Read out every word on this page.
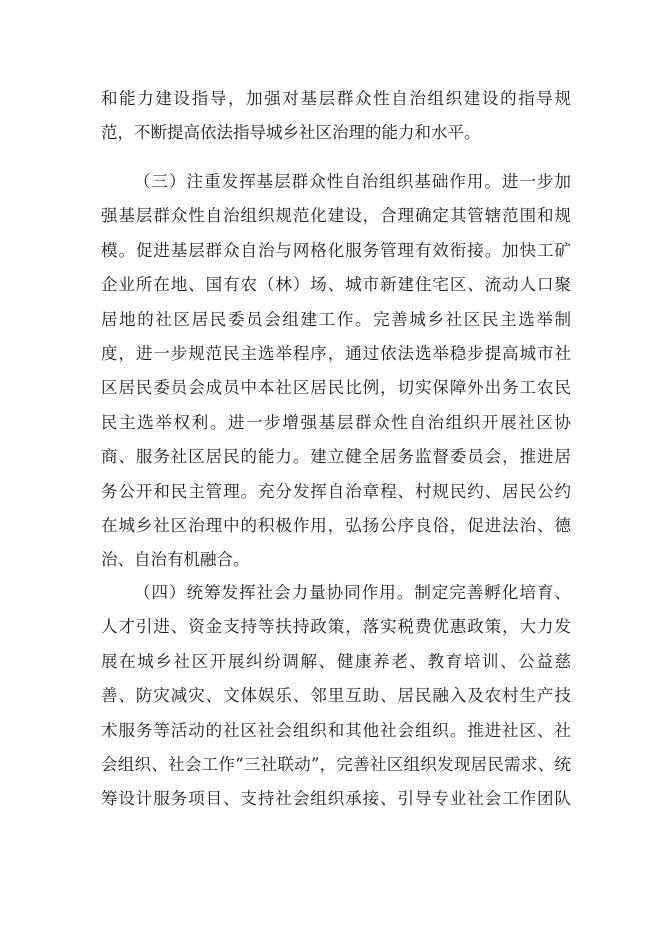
和能力建设指导，加强对基层群众性自治组织建设的指导规
范，不断提高依法指导城乡社区治理的能力和水平。
（三）注重发挥基层群众性自治组织基础作用。进一步加
强基层群众性自治组织规范化建设，合理确定其管辖范围和规
模。促进基层群众自治与网格化服务管理有效衔接。加快工矿
企业所在地、国有农（林）场、城市新建住宅区、流动人口聚
居地的社区居民委员会组建工作。完善城乡社区民主选举制
度，进一步规范民主选举程序，通过依法选举稳步提高城市社
区居民委员会成员中本社区居民比例，切实保障外出务工农民
民主选举权利。进一步增强基层群众性自治组织开展社区协
商、服务社区居民的能力。建立健全居务监督委员会，推进居
务公开和民主管理。充分发挥自治章程、村规民约、居民公约
在城乡社区治理中的积极作用，弘扬公序良俗，促进法治、德
治、自治有机融合。
（四）统筹发挥社会力量协同作用。制定完善孵化培育、
人才引进、资金支持等扶持政策，落实税费优惠政策，大力发
展在城乡社区开展纠纷调解、健康养老、教育培训、公益慈
善、防灾减灾、文体娱乐、邻里互助、居民融入及农村生产技
术服务等活动的社区社会组织和其他社会组织。推进社区、社
会组织、社会工作“三社联动”，完善社区组织发现居民需求、统
筹设计服务项目、支持社会组织承接、引导专业社会工作团队
